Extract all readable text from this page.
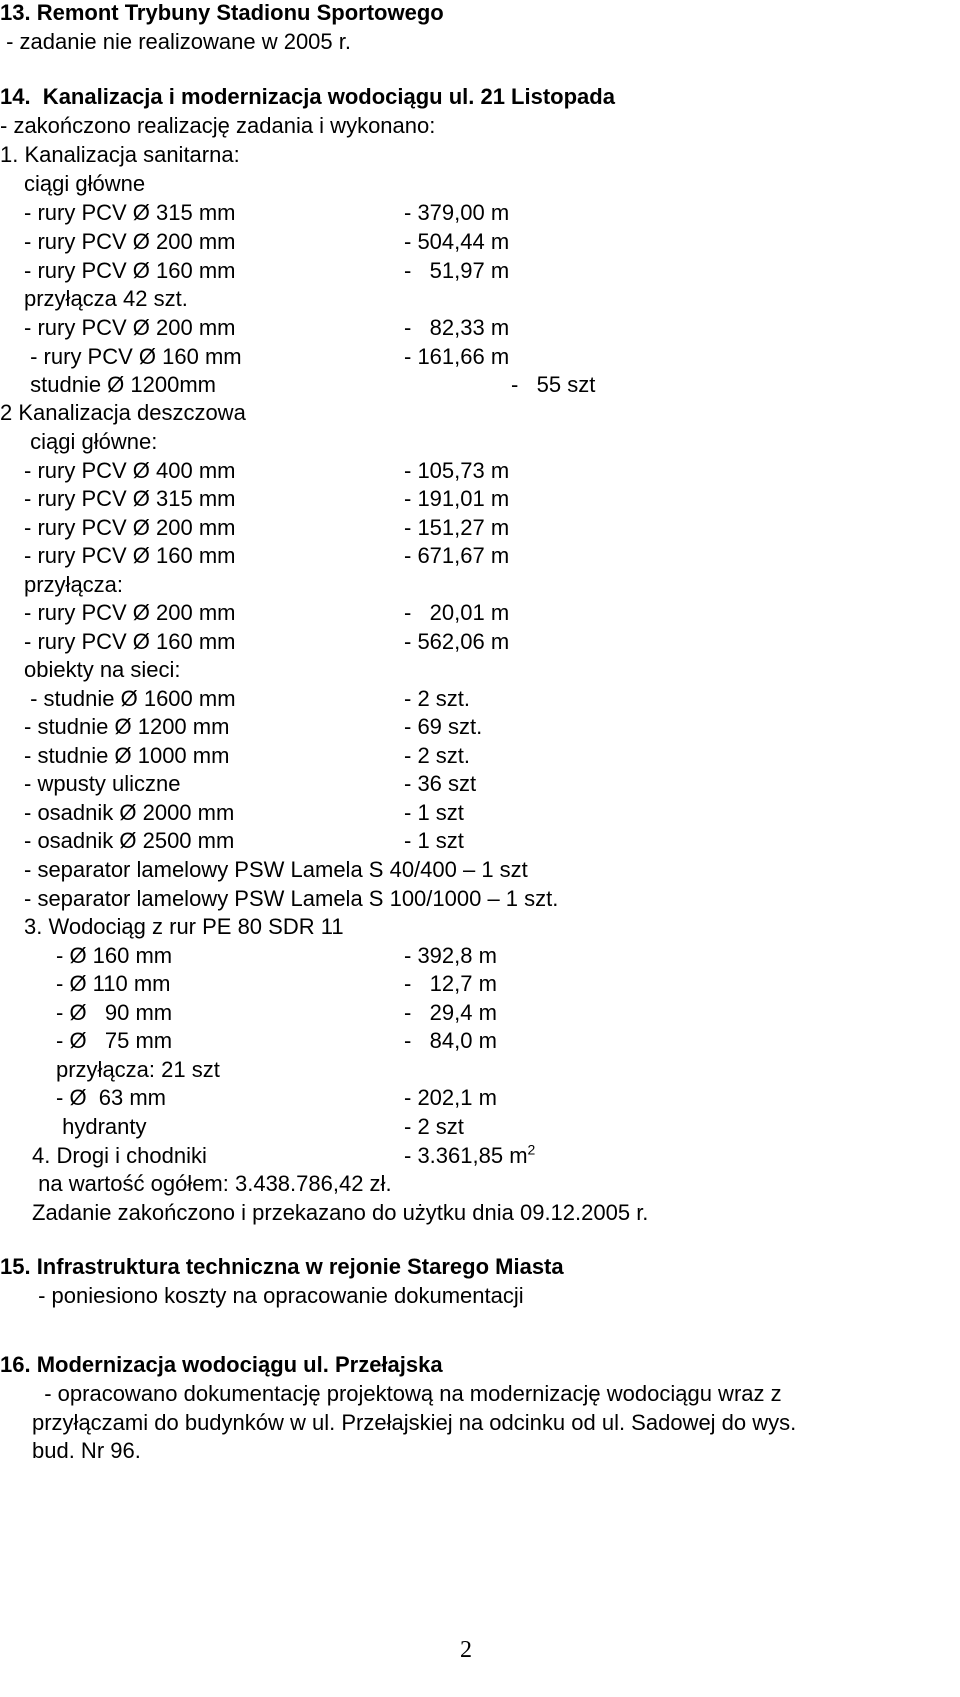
13. Remont Trybuny Stadionu Sportowego
- zadanie nie realizowane w 2005 r.
14.  Kanalizacja i modernizacja wodociągu ul. 21 Listopada
- zakończono realizację zadania i wykonano:
1. Kanalizacja sanitarna:
ciągi główne
- rury PCV Ø 315 mm	- 379,00 m
- rury PCV Ø 200 mm	- 504,44 m
- rury PCV Ø 160 mm	-   51,97 m
przyłącza 42 szt.
- rury PCV Ø 200 mm	-   82,33 m
- rury PCV Ø 160 mm	- 161,66 m
studnie Ø 1200mm	-   55 szt
2 Kanalizacja deszczowa
ciągi główne:
- rury PCV Ø 400 mm	- 105,73 m
- rury PCV Ø 315 mm	- 191,01 m
- rury PCV Ø 200 mm	- 151,27 m
- rury PCV Ø 160 mm	- 671,67 m
przyłącza:
- rury PCV Ø 200 mm	-   20,01 m
- rury PCV Ø 160 mm	- 562,06 m
obiekty na sieci:
- studnie Ø 1600 mm	- 2 szt.
- studnie Ø 1200 mm	- 69 szt.
- studnie Ø 1000 mm	- 2 szt.
- wpusty uliczne	- 36 szt
- osadnik Ø 2000 mm	- 1 szt
- osadnik Ø 2500 mm	- 1 szt
- separator lamelowy PSW Lamela S 40/400 – 1 szt
- separator lamelowy PSW Lamela S 100/1000 – 1 szt.
3. Wodociąg z rur PE 80 SDR 11
- Ø 160 mm	- 392,8 m
- Ø 110 mm	-   12,7 m
- Ø   90 mm	-   29,4 m
- Ø   75 mm	-   84,0 m
przyłącza: 21 szt
- Ø  63 mm	- 202,1 m
hydranty	- 2 szt
4. Drogi i chodniki	- 3.361,85 $m^2$
na wartość ogółem: 3.438.786,42 zł.
Zadanie zakończono i przekazano do użytku dnia 09.12.2005 r.
15. Infrastruktura techniczna w rejonie Starego Miasta
- poniesiono koszty na opracowanie dokumentacji
16. Modernizacja wodociągu ul. Przełajska
- opracowano dokumentację projektową na modernizację wodociągu wraz z
przyłączami do budynków w ul. Przełajskiej na odcinku od ul. Sadowej do wys.
bud. Nr 96.
2
